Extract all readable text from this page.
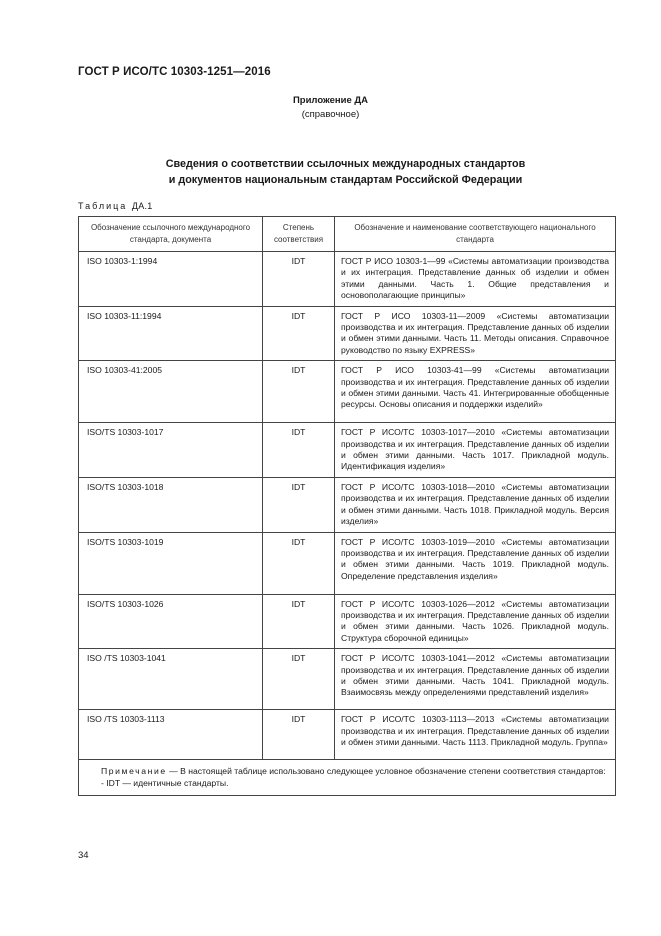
ГОСТ Р ИСО/ТС 10303-1251—2016
Приложение ДА
(справочное)
Сведения о соответствии ссылочных международных стандартов
и документов национальным стандартам Российской Федерации
Таблица ДА.1
Обозначение ссылочного международного стандарта, документа	Степень соответствия	Обозначение и наименование соответствующего национального стандарта
ISO 10303-1:1994	IDT	ГОСТ Р ИСО 10303-1—99 «Системы автоматизации производства и их интеграция. Представление данных об изделии и обмен этими данными. Часть 1. Общие представления и основополагающие принципы»
ISO 10303-11:1994	IDT	ГОСТ Р ИСО 10303-11—2009 «Системы автоматизации производства и их интеграция. Представление данных об изделии и обмен этими данными. Часть 11. Методы описания. Справочное руководство по языку EXPRESS»
ISO 10303-41:2005	IDT	ГОСТ Р ИСО 10303-41—99 «Системы автоматизации производства и их интеграция. Представление данных об изделии и обмен этими данными. Часть 41. Интегрированные обобщенные ресурсы. Основы описания и поддержки изделий»
ISO/TS 10303-1017	IDT	ГОСТ Р ИСО/ТС 10303-1017—2010 «Системы автоматизации производства и их интеграция. Представление данных об изделии и обмен этими данными. Часть 1017. Прикладной модуль. Идентификация изделия»
ISO/TS 10303-1018	IDT	ГОСТ Р ИСО/ТС 10303-1018—2010 «Системы автоматизации производства и их интеграция. Представление данных об изделии и обмен этими данными. Часть 1018. Прикладной модуль. Версия изделия»
ISO/TS 10303-1019	IDT	ГОСТ Р ИСО/ТС 10303-1019—2010 «Системы автоматизации производства и их интеграция. Представление данных об изделии и обмен этими данными. Часть 1019. Прикладной модуль. Определение представления изделия»
ISO/TS 10303-1026	IDT	ГОСТ Р ИСО/ТС 10303-1026—2012 «Системы автоматизации производства и их интеграция. Представление данных об изделии и обмен этими данными. Часть 1026. Прикладной модуль. Структура сборочной единицы»
ISO /TS 10303-1041	IDT	ГОСТ Р ИСО/ТС 10303-1041—2012 «Системы автоматизации производства и их интеграция. Представление данных об изделии и обмен этими данными. Часть 1041. Прикладной модуль. Взаимосвязь между определениями представлений изделия»
ISO /TS 10303-1113	IDT	ГОСТ Р ИСО/ТС 10303-1113—2013 «Системы автоматизации производства и их интеграция. Представление данных об изделии и обмен этими данными. Часть 1113. Прикладной модуль. Группа»
Примечание — В настоящей таблице использовано следующее условное обозначение степени соответствия стандартов:
- IDT — идентичные стандарты.		
34
